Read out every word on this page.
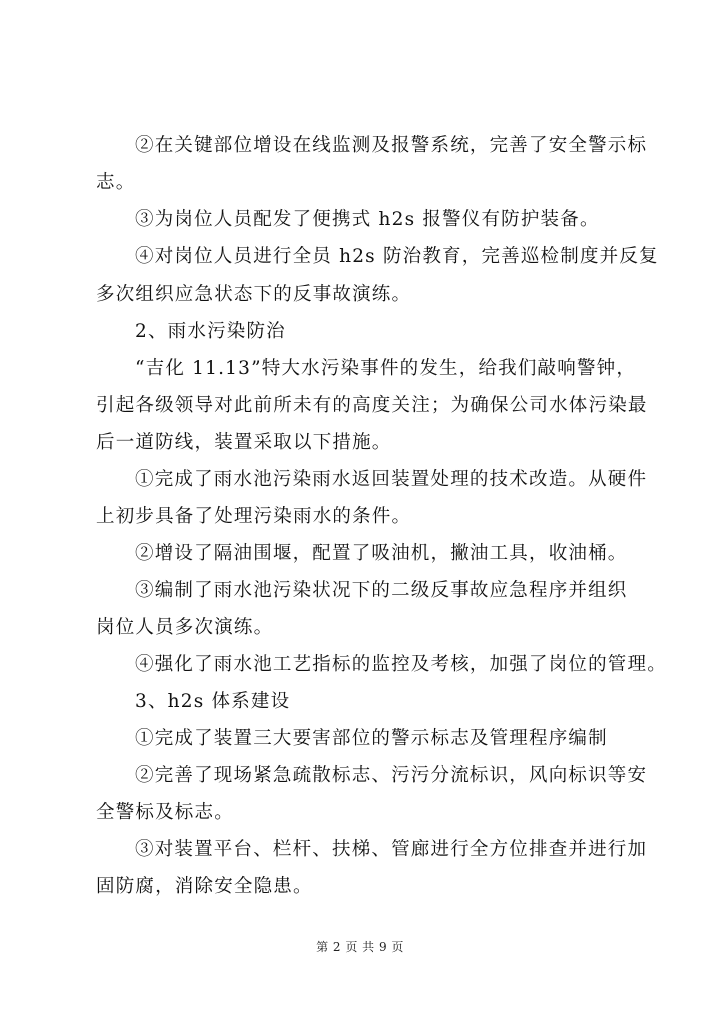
②在关键部位增设在线监测及报警系统，完善了安全警示标
志。
③为岗位人员配发了便携式 h2s 报警仪有防护装备。
④对岗位人员进行全员 h2s 防治教育，完善巡检制度并反复
多次组织应急状态下的反事故演练。
2、雨水污染防治
“吉化 11.13”特大水污染事件的发生，给我们敲响警钟，
引起各级领导对此前所未有的高度关注；为确保公司水体污染最
后一道防线，装置采取以下措施。
①完成了雨水池污染雨水返回装置处理的技术改造。从硬件
上初步具备了处理污染雨水的条件。
②增设了隔油围堰，配置了吸油机，撇油工具，收油桶。
③编制了雨水池污染状况下的二级反事故应急程序并组织
岗位人员多次演练。
④强化了雨水池工艺指标的监控及考核，加强了岗位的管理。
3、h2s 体系建设
①完成了装置三大要害部位的警示标志及管理程序编制
②完善了现场紧急疏散标志、污污分流标识，风向标识等安
全警标及标志。
③对装置平台、栏杆、扶梯、管廊进行全方位排查并进行加
固防腐，消除安全隐患。
第 2 页 共 9 页
